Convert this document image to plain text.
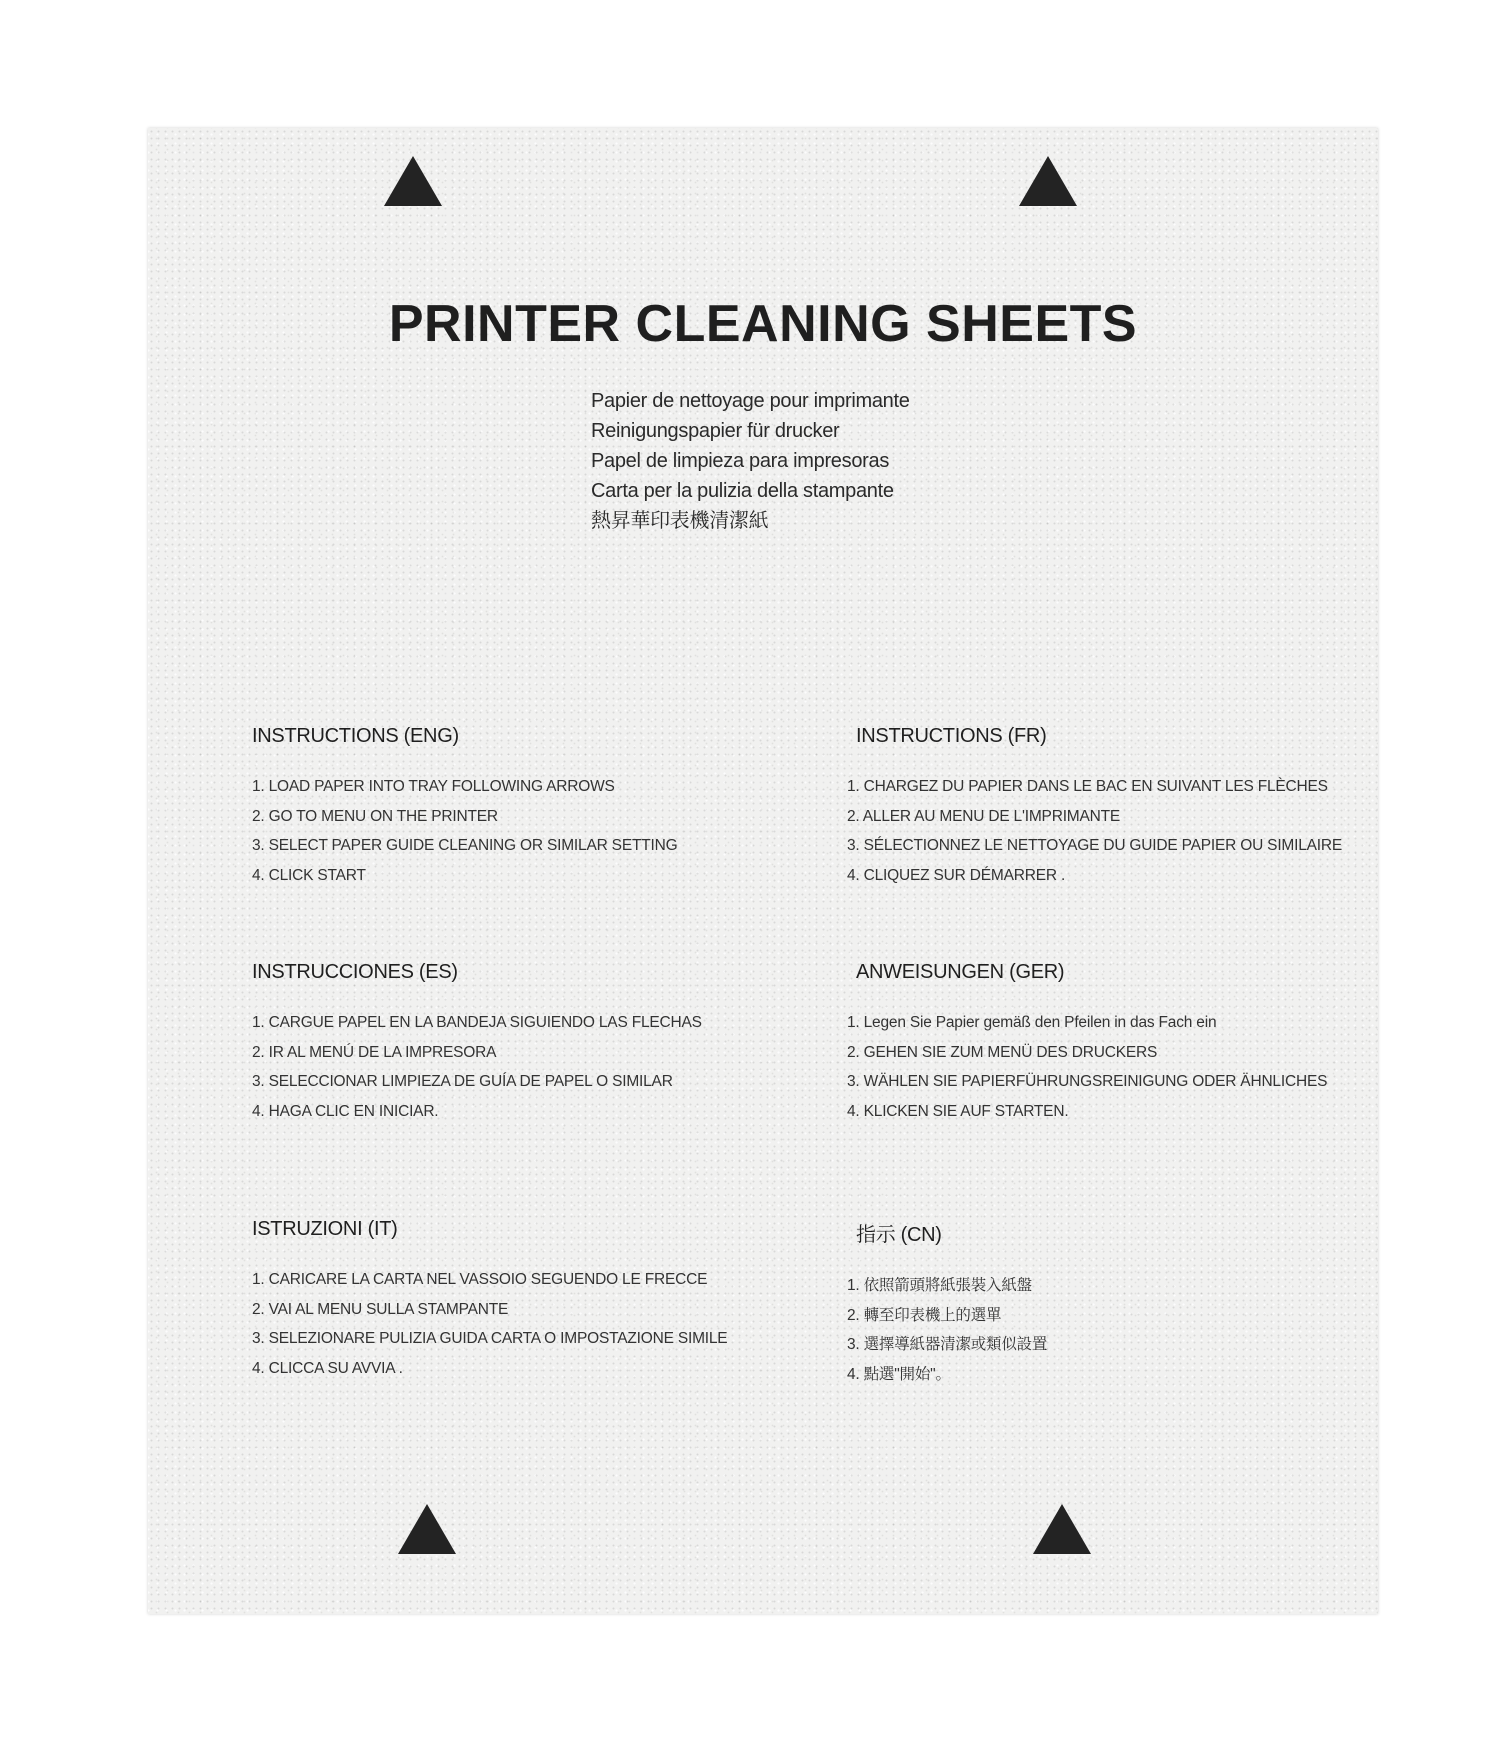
PRINTER CLEANING SHEETS
Papier de nettoyage pour imprimante
Reinigungspapier für drucker
Papel de limpieza para impresoras
Carta per la pulizia della stampante
熱昇華印表機清潔紙
INSTRUCTIONS (ENG)
1. LOAD PAPER INTO TRAY FOLLOWING ARROWS
2. GO TO MENU ON THE PRINTER
3. SELECT PAPER GUIDE CLEANING OR SIMILAR SETTING
4. CLICK START
INSTRUCTIONS (FR)
1. CHARGEZ DU PAPIER DANS LE BAC EN SUIVANT LES FLÈCHES
2. ALLER AU MENU DE L'IMPRIMANTE
3. SÉLECTIONNEZ LE NETTOYAGE DU GUIDE PAPIER OU SIMILAIRE
4. CLIQUEZ SUR DÉMARRER .
INSTRUCCIONES (ES)
1. CARGUE PAPEL EN LA BANDEJA SIGUIENDO LAS FLECHAS
2. IR AL MENÚ DE LA IMPRESORA
3. SELECCIONAR LIMPIEZA DE GUÍA DE PAPEL O SIMILAR
4. HAGA CLIC EN INICIAR.
ANWEISUNGEN (GER)
1. Legen Sie Papier gemäß den Pfeilen in das Fach ein
2. GEHEN SIE ZUM MENÜ DES DRUCKERS
3. WÄHLEN SIE PAPIERFÜHRUNGSREINIGUNG ODER ÄHNLICHES
4. KLICKEN SIE AUF STARTEN.
ISTRUZIONI (IT)
1. CARICARE LA CARTA NEL VASSOIO SEGUENDO LE FRECCE
2. VAI AL MENU SULLA STAMPANTE
3. SELEZIONARE PULIZIA GUIDA CARTA O IMPOSTAZIONE SIMILE
4. CLICCA SU AVVIA .
指示 (CN)
1. 依照箭頭將紙張裝入紙盤
2. 轉至印表機上的選單
3. 選擇導紙器清潔或類似設置
4. 點選"開始"。
